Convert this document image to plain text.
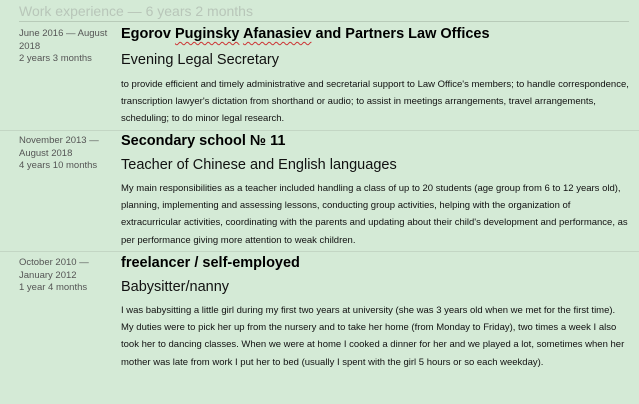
Work experience — 6 years 2 months
June 2016 — August 2018
2 years 3 months
Egorov Puginsky Afanasiev and Partners Law Offices
Evening Legal Secretary
to provide efficient and timely administrative and secretarial support to Law Office's members; to handle correspondence, transcription lawyer's dictation from shorthand or audio; to assist in meetings arrangements, travel arrangements, scheduling; to do minor legal research.
November 2013 — August 2018
4 years 10 months
Secondary school № 11
Teacher of Chinese and English languages
My main responsibilities as a teacher included handling a class of up to 20 students (age group from 6 to 12 years old), planning, implementing and assessing lessons, conducting group activities, helping with the organization of extracurricular activities, coordinating with the parents and updating about their child's development and performance, as per performance giving more attention to weak children.
October 2010 — January 2012
1 year 4 months
freelancer / self-employed
Babysitter/nanny
I was babysitting a little girl during my first two years at university (she was 3 years old when we met for the first time). My duties were to pick her up from the nursery and to take her home (from Monday to Friday), two times a week I also took her to dancing classes. When we were at home I cooked a dinner for her and we played a lot, sometimes when her mother was late from work I put her to bed (usually I spent with the girl 5 hours or so each weekday).
